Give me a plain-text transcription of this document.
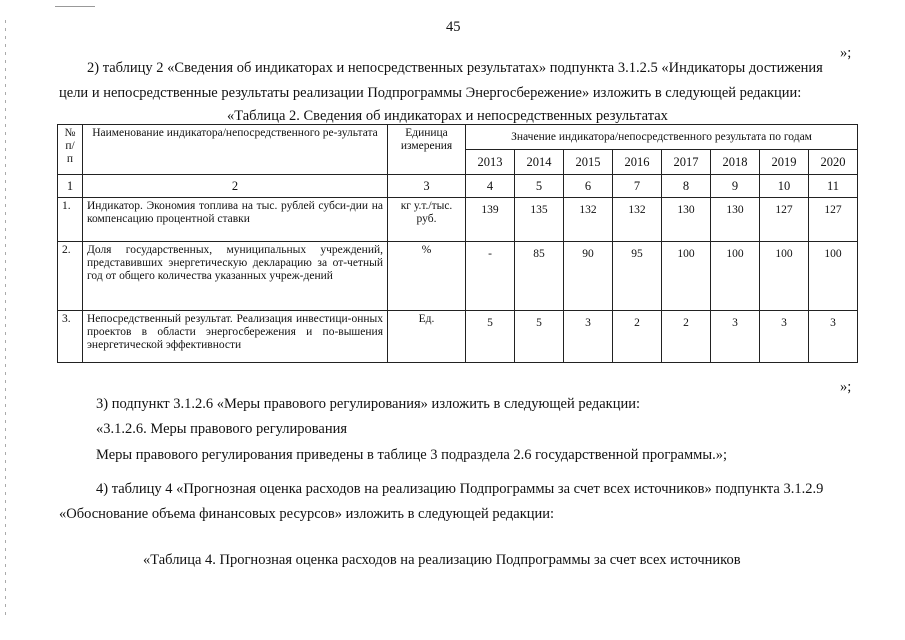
45
»;
2) таблицу 2 «Сведения об индикаторах и непосредственных результатах» подпункта 3.1.2.5 «Индикаторы достижения
цели и непосредственные результаты реализации Подпрограммы Энергосбережение» изложить в следующей редакции:
«Таблица 2. Сведения об индикаторах и непосредственных результатах
№ п/ п	Наименование индикатора/непосредственного ре-зультата	Единица измерения	Значение индикатора/непосредственного результата по годам							
			2013	2014	2015	2016	2017	2018	2019	2020
1	2	3	4	5	6	7	8	9	10	11
1.	Индикатор. Экономия топлива на тыс. рублей субси-дии на компенсацию процентной ставки	кг у.т./тыс. руб.	139	135	132	132	130	130	127	127
2.	Доля государственных, муниципальных учреждений, представивших энергетическую декларацию за от-четный год от общего количества указанных учреж-дений	%	-	85	90	95	100	100	100	100
3.	Непосредственный результат. Реализация инвестици-онных проектов в области энергосбережения и по-вышения энергетической эффективности	Ед.	5	5	3	2	2	3	3	3
»;
3) подпункт 3.1.2.6 «Меры правового регулирования» изложить в следующей редакции:
«3.1.2.6. Меры правового регулирования
Меры правового регулирования приведены в таблице 3 подраздела 2.6 государственной программы.»;
4) таблицу 4 «Прогнозная оценка расходов на реализацию Подпрограммы за счет всех источников» подпункта 3.1.2.9
«Обоснование объема финансовых ресурсов» изложить в следующей редакции:
«Таблица 4. Прогнозная оценка расходов на реализацию Подпрограммы за счет всех источников
